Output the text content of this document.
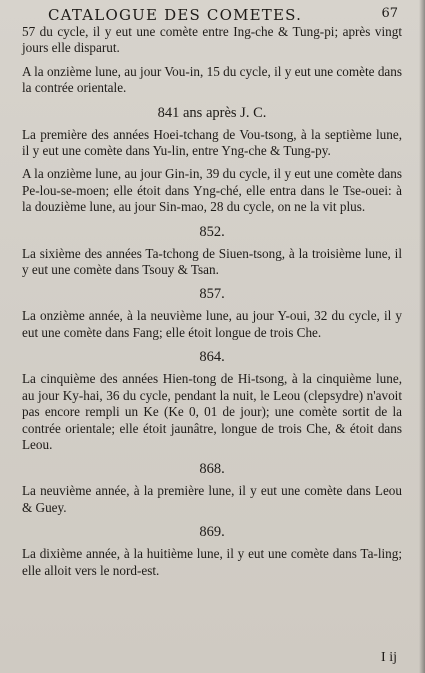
CATALOGUE DES COMETES.	67

57 du cycle, il y eut une comète entre Ing-che & Tung-pi; après vingt jours elle disparut.

A la onzième lune, au jour Vou-in, 15 du cycle, il y eut une comète dans la contrée orientale.

841 ans après J. C.

La première des années Hoei-tchang de Vou-tsong, à la septième lune, il y eut une comète dans Yu-lin, entre Yng-che & Tung-py.

A la onzième lune, au jour Gin-in, 39 du cycle, il y eut une comète dans Pe-lou-se-moen; elle étoit dans Yng-ché, elle entra dans le Tse-ouei: à la douzième lune, au jour Sin-mao, 28 du cycle, on ne la vit plus.

852.

La sixième des années Ta-tchong de Siuen-tsong, à la troisième lune, il y eut une comète dans Tsouy & Tsan.

857.

La onzième année, à la neuvième lune, au jour Y-oui, 32 du cycle, il y eut une comète dans Fang; elle étoit longue de trois Che.

864.

La cinquième des années Hien-tong de Hi-tsong, à la cinquième lune, au jour Ky-hai, 36 du cycle, pendant la nuit, le Leou (clepsydre) n'avoit pas encore rempli un Ke (Ke 0, 01 de jour); une comète sortit de la contrée orientale; elle étoit jaunâtre, longue de trois Che, & étoit dans Leou.

868.

La neuvième année, à la première lune, il y eut une comète dans Leou & Guey.

869.

La dixième année, à la huitième lune, il y eut une comète dans Ta-ling; elle alloit vers le nord-est.

I ij
